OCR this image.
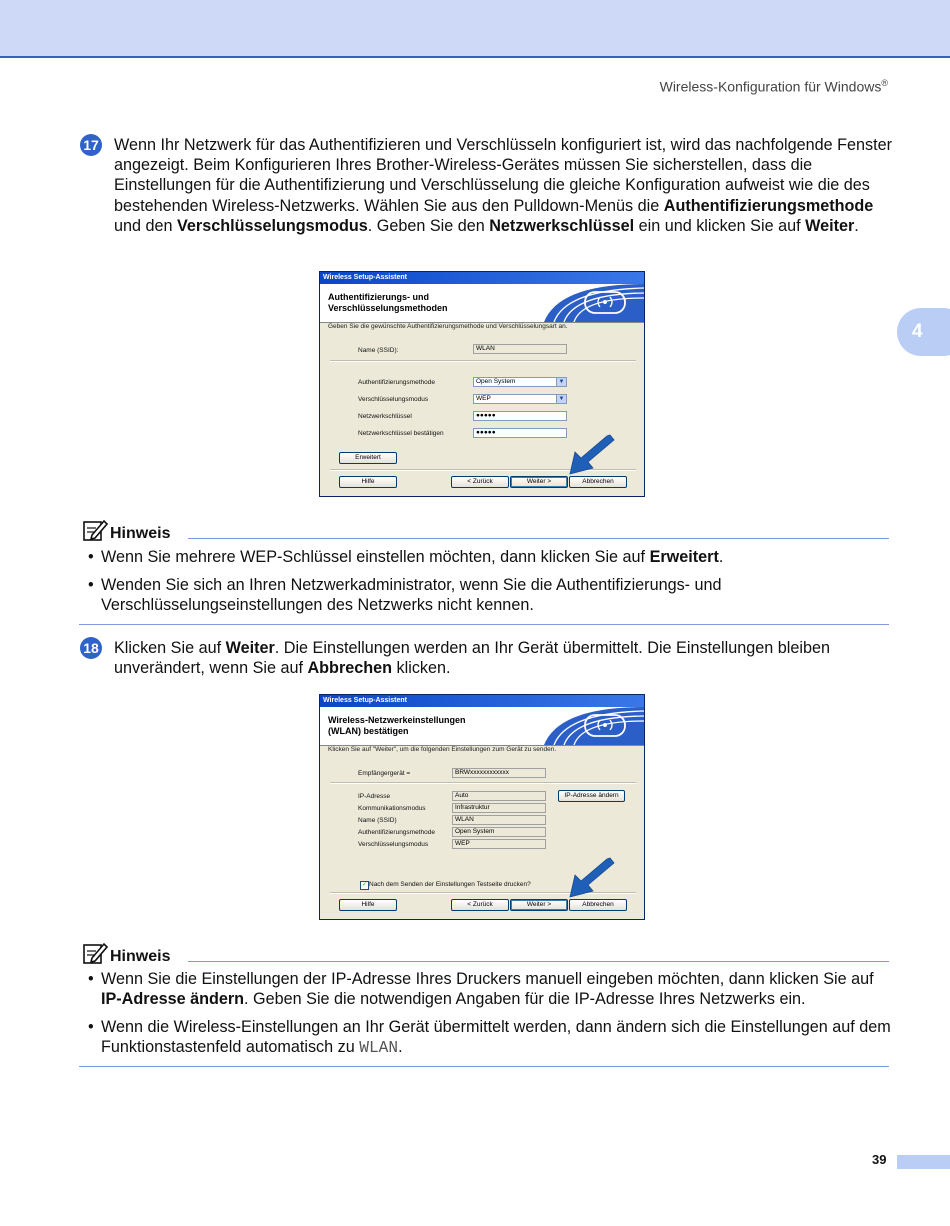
Wireless-Konfiguration für Windows®
4
17 Wenn Ihr Netzwerk für das Authentifizieren und Verschlüsseln konfiguriert ist, wird das nachfolgende Fenster angezeigt. Beim Konfigurieren Ihres Brother-Wireless-Gerätes müssen Sie sicherstellen, dass die Einstellungen für die Authentifizierung und Verschlüsselung die gleiche Konfiguration aufweist wie die des bestehenden Wireless-Netzwerks. Wählen Sie aus den Pulldown-Menüs die Authentifizierungsmethode und den Verschlüsselungsmodus. Geben Sie den Netzwerkschlüssel ein und klicken Sie auf Weiter.
Wireless Setup-Assistent
Authentifizierungs- und
Verschlüsselungsmethoden
Geben Sie die gewünschte Authentifizierungsmethode und Verschlüsselungsart an.
Name (SSID):	WLAN
Authentifizierungsmethode	Open System	▼
Verschlüsselungsmodus	WEP	▼
Netzwerkschlüssel	●●●●●
Netzwerkschlüssel bestätigen	●●●●●
Erweitert
Hilfe	< Zurück	Weiter >	Abbrechen
Hinweis
• Wenn Sie mehrere WEP-Schlüssel einstellen möchten, dann klicken Sie auf Erweitert.
• Wenden Sie sich an Ihren Netzwerkadministrator, wenn Sie die Authentifizierungs- und Verschlüsselungseinstellungen des Netzwerks nicht kennen.
18 Klicken Sie auf Weiter. Die Einstellungen werden an Ihr Gerät übermittelt. Die Einstellungen bleiben unverändert, wenn Sie auf Abbrechen klicken.
Wireless Setup-Assistent
Wireless-Netzwerkeinstellungen
(WLAN) bestätigen
Klicken Sie auf "Weiter", um die folgenden Einstellungen zum Gerät zu senden.
Empfängergerät =	BRWxxxxxxxxxxxx
IP-Adresse	Auto	IP-Adresse ändern
Kommunikationsmodus	Infrastruktur
Name (SSID)	WLAN
Authentifizierungsmethode	Open System
Verschlüsselungsmodus	WEP
✓ Nach dem Senden der Einstellungen Testseite drucken?
Hilfe	< Zurück	Weiter >	Abbrechen
Hinweis
• Wenn Sie die Einstellungen der IP-Adresse Ihres Druckers manuell eingeben möchten, dann klicken Sie auf IP-Adresse ändern. Geben Sie die notwendigen Angaben für die IP-Adresse Ihres Netzwerks ein.
• Wenn die Wireless-Einstellungen an Ihr Gerät übermittelt werden, dann ändern sich die Einstellungen auf dem Funktionstastenfeld automatisch zu WLAN.
39
